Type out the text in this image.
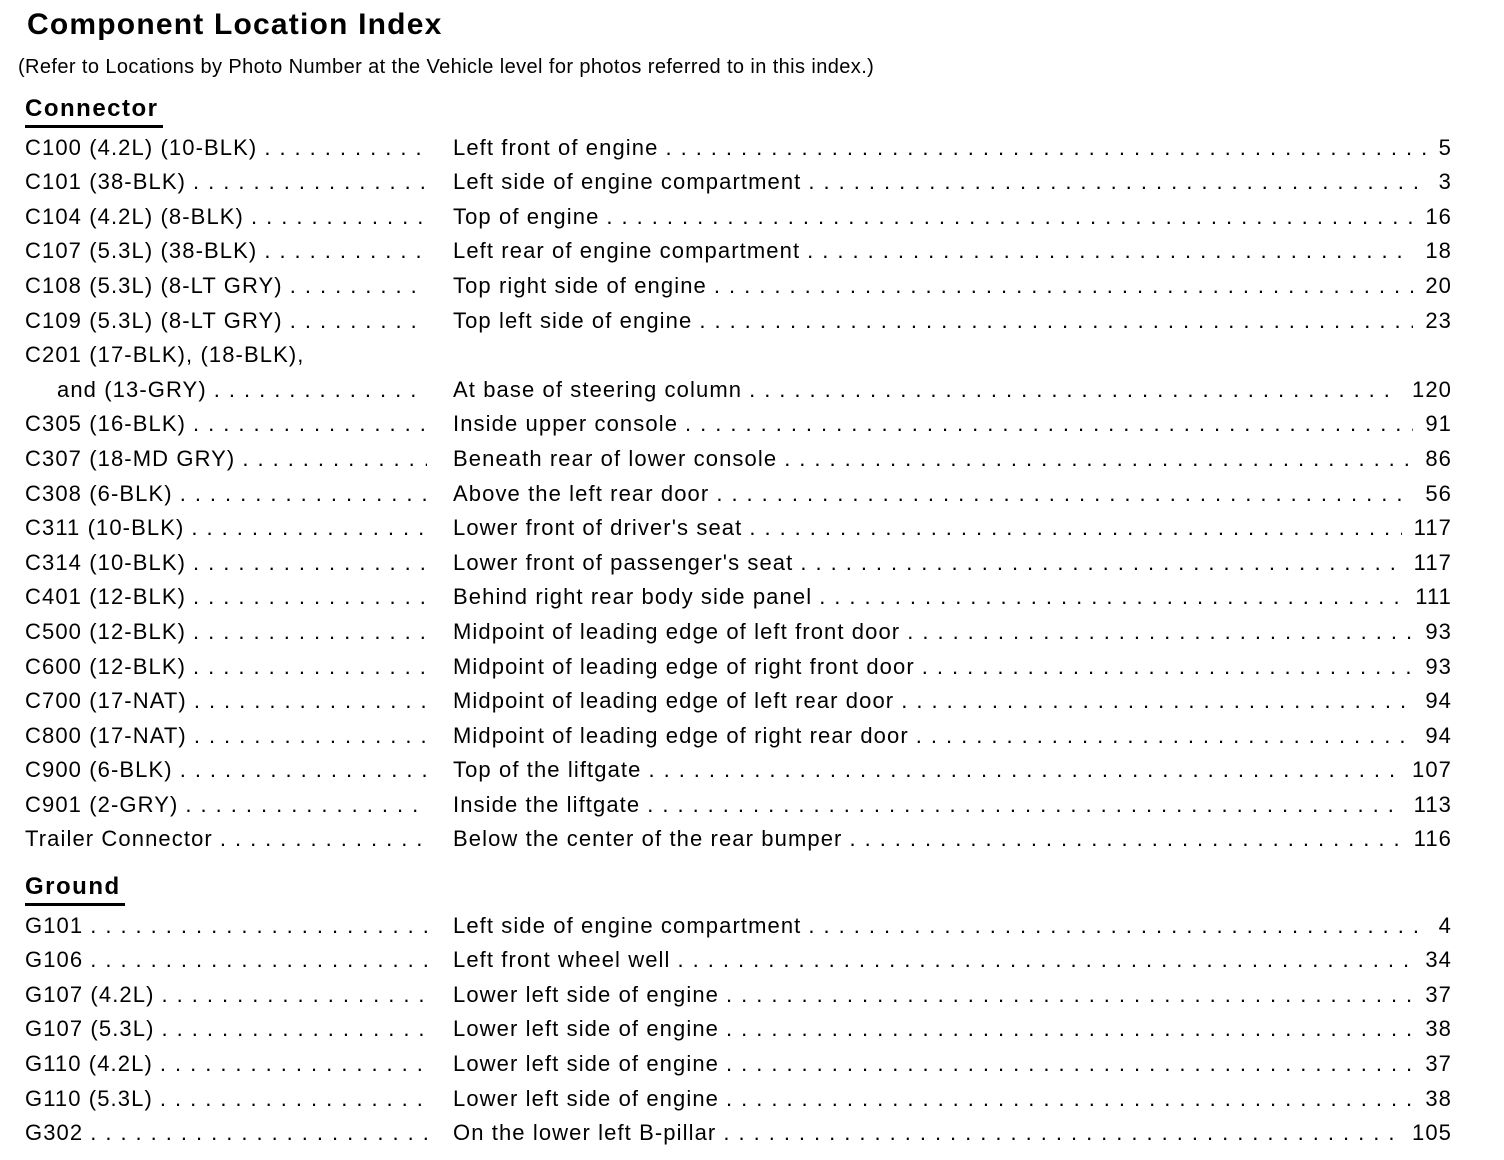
Component Location Index

(Refer to Locations by Photo Number at the Vehicle level for photos referred to in this index.)

Connector
C100 (4.2L) (10-BLK) .....	Left front of engine .....	5
C101 (38-BLK) .....	Left side of engine compartment .....	3
C104 (4.2L) (8-BLK) .....	Top of engine .....	16
C107 (5.3L) (38-BLK) .....	Left rear of engine compartment .....	18
C108 (5.3L) (8-LT GRY) .....	Top right side of engine .....	20
C109 (5.3L) (8-LT GRY) .....	Top left side of engine .....	23
C201 (17-BLK), (18-BLK),
and (13-GRY) .....	At base of steering column .....	120
C305 (16-BLK) .....	Inside upper console .....	91
C307 (18-MD GRY) .....	Beneath rear of lower console .....	86
C308 (6-BLK) .....	Above the left rear door .....	56
C311 (10-BLK) .....	Lower front of driver's seat .....	117
C314 (10-BLK) .....	Lower front of passenger's seat .....	117
C401 (12-BLK) .....	Behind right rear body side panel .....	111
C500 (12-BLK) .....	Midpoint of leading edge of left front door .....	93
C600 (12-BLK) .....	Midpoint of leading edge of right front door .....	93
C700 (17-NAT) .....	Midpoint of leading edge of left rear door .....	94
C800 (17-NAT) .....	Midpoint of leading edge of right rear door .....	94
C900 (6-BLK) .....	Top of the liftgate .....	107
C901 (2-GRY) .....	Inside the liftgate .....	113
Trailer Connector .....	Below the center of the rear bumper .....	116
Ground
G101 .....	Left side of engine compartment .....	4
G106 .....	Left front wheel well .....	34
G107 (4.2L) .....	Lower left side of engine .....	37
G107 (5.3L) .....	Lower left side of engine .....	38
G110 (4.2L) .....	Lower left side of engine .....	37
G110 (5.3L) .....	Lower left side of engine .....	38
G302 .....	On the lower left B-pillar .....	105
